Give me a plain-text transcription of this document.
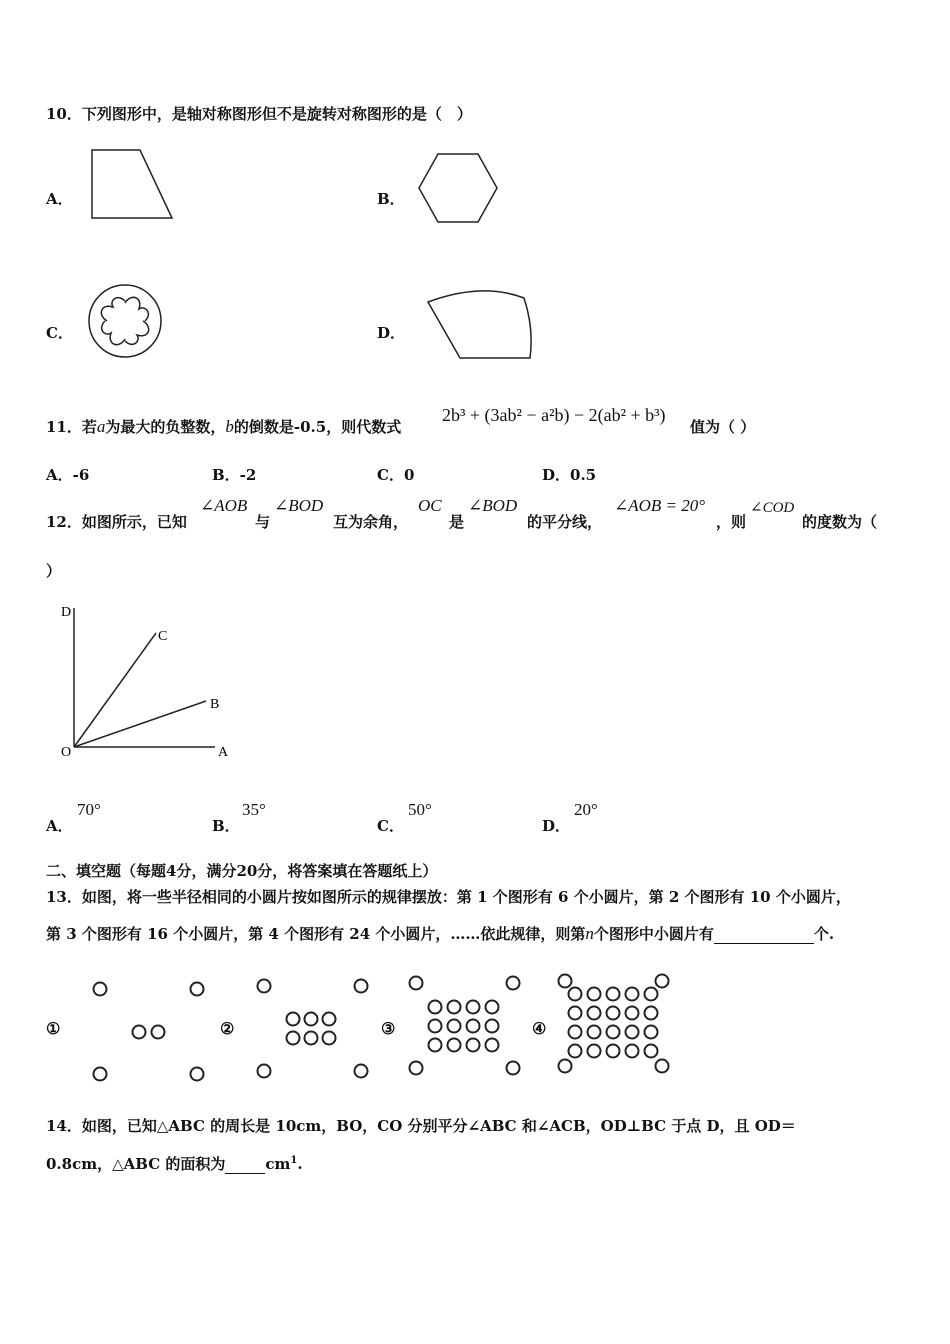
10．下列图形中，是轴对称图形但不是旋转对称图形的是（　）
A．	B．
C．	D．
11．若a为最大的负整数，b的倒数是-0.5，则代数式
2b³ + (3ab² − a²b) − 2(ab² + b³)
值为（ ）
A．-6	B．-2	C．0	D．0.5
12．如图所示，已知
∠AOB
与
∠BOD
互为余角，
OC
是
∠BOD
的平分线，
∠AOB = 20°
，则
∠COD
的度数为（
）
D
C
B
O	A
A．
70°
B．
35°
C．
50°
D．
20°
二、填空题（每题4分，满分20分，将答案填在答题纸上）
13．如图，将一些半径相同的小圆片按如图所示的规律摆放：第 1 个图形有 6 个小圆片，第 2 个图形有 10 个小圆片，
第 3 个图形有 16 个小圆片，第 4 个图形有 24 个小圆片，……依此规律，则第n个图形中小圆片有	个.
①	②	③	④
14．如图，已知△ABC 的周长是 10cm，BO，CO 分别平分∠ABC 和∠ACB，OD⊥BC 于点 D，且 OD＝
0.8cm，△ABC 的面积为	$cm^1$.
